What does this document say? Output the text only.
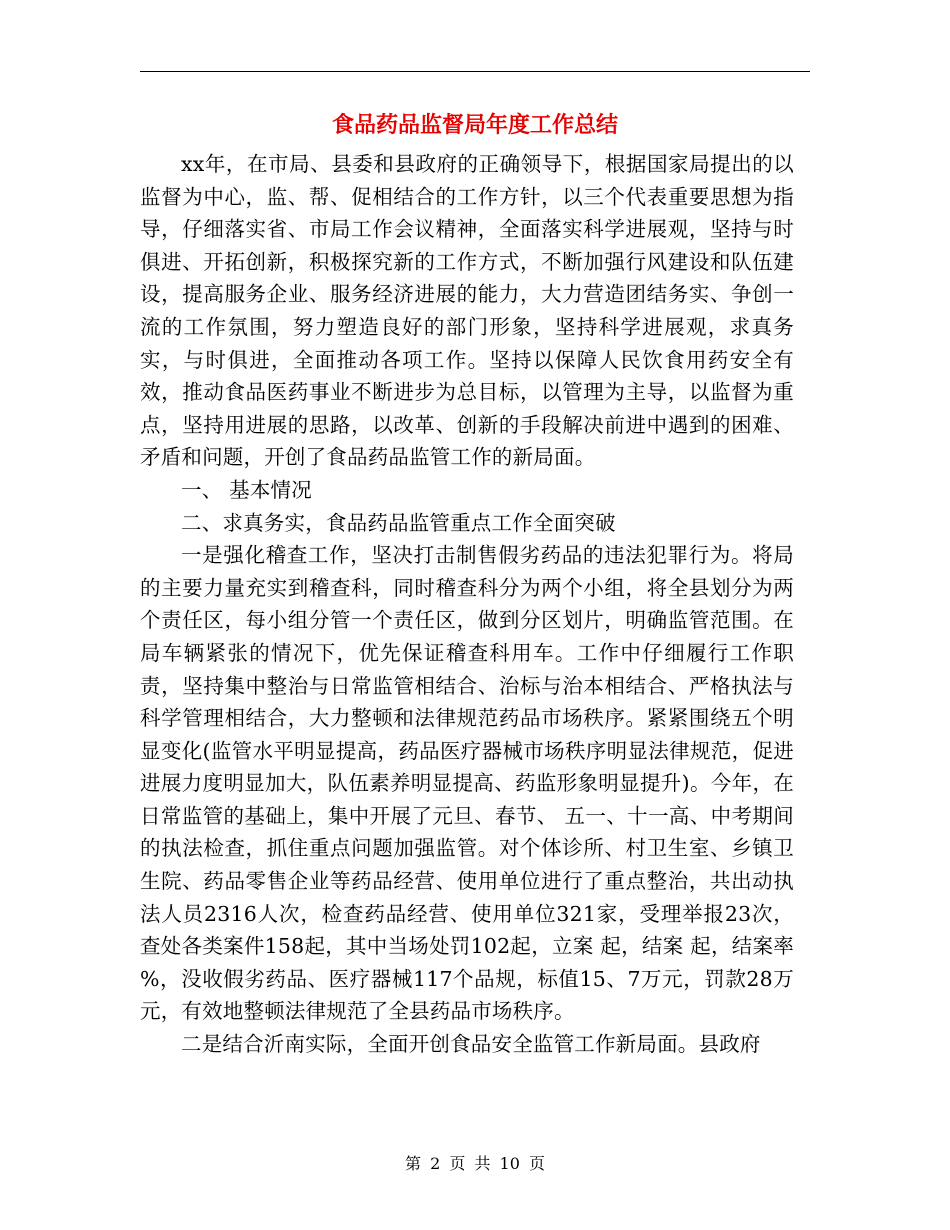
食品药品监督局年度工作总结

xx年，在市局、县委和县政府的正确领导下，根据国家局提出的以监督为中心，监、帮、促相结合的工作方针，以三个代表重要思想为指导，仔细落实省、市局工作会议精神，全面落实科学进展观，坚持与时俱进、开拓创新，积极探究新的工作方式，不断加强行风建设和队伍建设，提高服务企业、服务经济进展的能力，大力营造团结务实、争创一流的工作氛围，努力塑造良好的部门形象，坚持科学进展观，求真务实，与时俱进，全面推动各项工作。坚持以保障人民饮食用药安全有效，推动食品医药事业不断进步为总目标，以管理为主导，以监督为重点，坚持用进展的思路，以改革、创新的手段解决前进中遇到的困难、矛盾和问题，开创了食品药品监管工作的新局面。

一、 基本情况

二、求真务实，食品药品监管重点工作全面突破

一是强化稽查工作，坚决打击制售假劣药品的违法犯罪行为。将局的主要力量充实到稽查科，同时稽查科分为两个小组，将全县划分为两个责任区，每小组分管一个责任区，做到分区划片，明确监管范围。在局车辆紧张的情况下，优先保证稽查科用车。工作中仔细履行工作职责，坚持集中整治与日常监管相结合、治标与治本相结合、严格执法与科学管理相结合，大力整顿和法律规范药品市场秩序。紧紧围绕五个明显变化(监管水平明显提高，药品医疗器械市场秩序明显法律规范，促进进展力度明显加大，队伍素养明显提高、药监形象明显提升)。今年，在日常监管的基础上，集中开展了元旦、春节、 五一、十一高、中考期间的执法检查，抓住重点问题加强监管。对个体诊所、村卫生室、乡镇卫生院、药品零售企业等药品经营、使用单位进行了重点整治，共出动执法人员2316人次，检查药品经营、使用单位321家，受理举报23次，查处各类案件158起，其中当场处罚102起，立案 起，结案 起，结案率 %，没收假劣药品、医疗器械117个品规，标值15、7万元，罚款28万元，有效地整顿法律规范了全县药品市场秩序。

二是结合沂南实际，全面开创食品安全监管工作新局面。县政府

第 2 页 共 10 页
